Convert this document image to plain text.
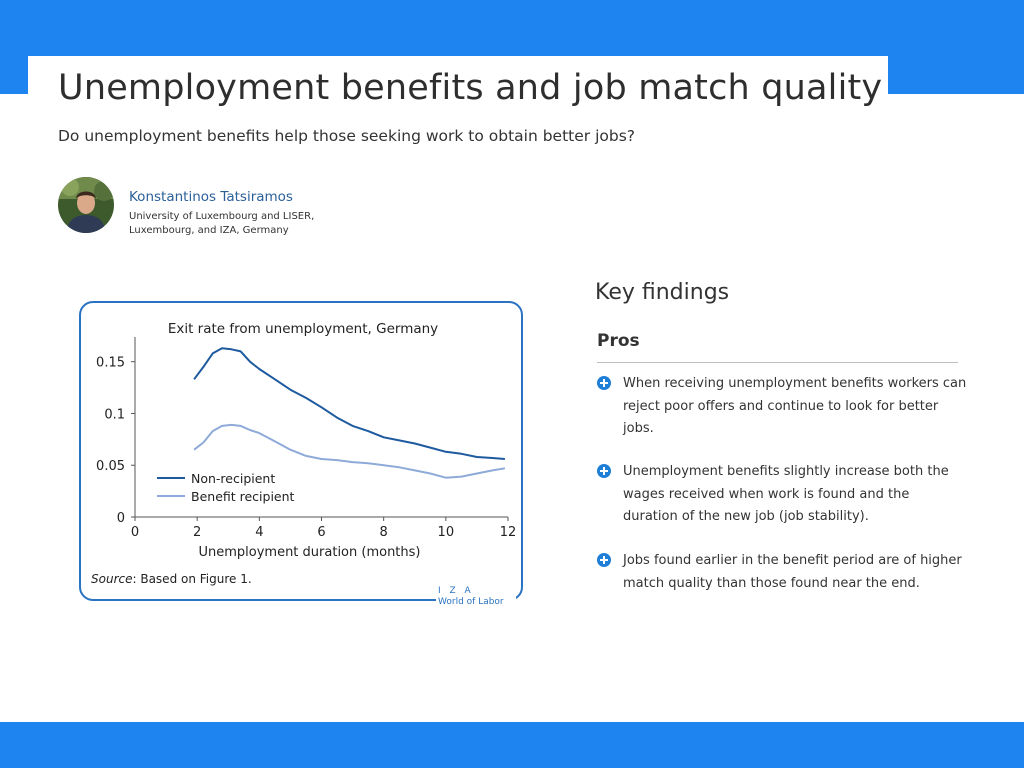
Unemployment benefits and job match quality
Do unemployment benefits help those seeking work to obtain better jobs?
Konstantinos Tatsiramos
University of Luxembourg and LISER,
Luxembourg, and IZA, Germany
Exit rate from unemployment, Germany
0	2	4	6	8	10	12
0
0.05
0.1
0.15
Unemployment duration (months)
Non-recipient
Benefit recipient
Source: Based on Figure 1.
I Z A
World of Labor
Key findings
Pros
When receiving unemployment benefits workers can reject poor offers and continue to look for better jobs.
Unemployment benefits slightly increase both the wages received when work is found and the duration of the new job (job stability).
Jobs found earlier in the benefit period are of higher match quality than those found near the end.
